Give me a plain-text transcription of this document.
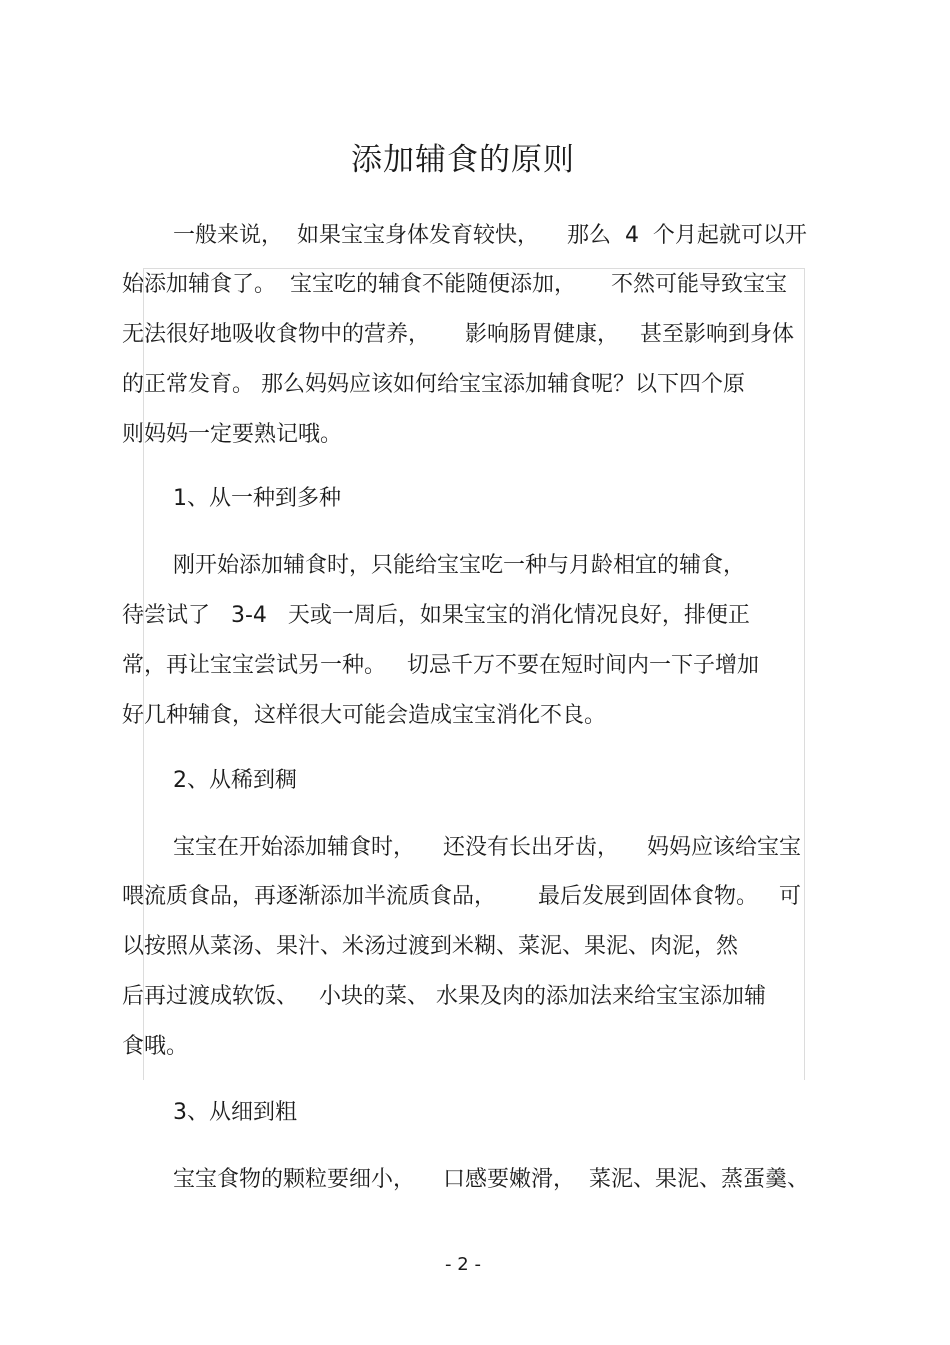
添加辅食的原则

一般来说，  如果宝宝身体发育较快，    那么  4  个月起就可以开

始添加辅食了。  宝宝吃的辅食不能随便添加，     不然可能导致宝宝

无法很好地吸收食物中的营养，     影响肠胃健康，   甚至影响到身体

的正常发育。 那么妈妈应该如何给宝宝添加辅食呢？以下四个原

则妈妈一定要熟记哦。

1、从一种到多种

刚开始添加辅食时，只能给宝宝吃一种与月龄相宜的辅食，

待尝试了   3-4   天或一周后，如果宝宝的消化情况良好，排便正

常，再让宝宝尝试另一种。   切忌千万不要在短时间内一下子增加

好几种辅食，这样很大可能会造成宝宝消化不良。

2、从稀到稠

宝宝在开始添加辅食时，    还没有长出牙齿，    妈妈应该给宝宝

喂流质食品，再逐渐添加半流质食品，      最后发展到固体食物。   可

以按照从菜汤、果汁、米汤过渡到米糊、菜泥、果泥、肉泥，然

后再过渡成软饭、   小块的菜、 水果及肉的添加法来给宝宝添加辅

食哦。

3、从细到粗

宝宝食物的颗粒要细小，    口感要嫩滑，  菜泥、果泥、蒸蛋羹、

- 2 -
